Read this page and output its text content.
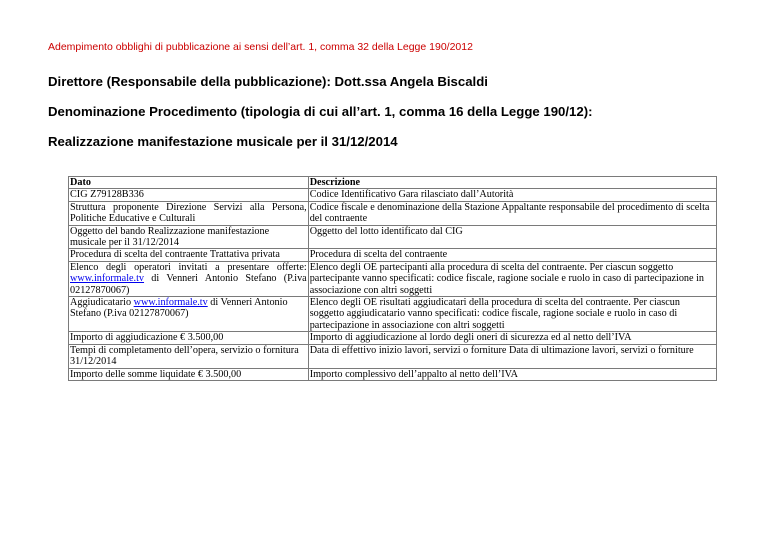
Adempimento obblighi di pubblicazione ai sensi dell’art. 1, comma 32 della Legge 190/2012
Direttore (Responsabile della pubblicazione): Dott.ssa Angela Biscaldi
Denominazione Procedimento (tipologia di cui all’art. 1, comma 16 della Legge 190/12):
Realizzazione manifestazione musicale per il 31/12/2014
Dato	Descrizione
CIG Z79128B336	Codice Identificativo Gara rilasciato dall’Autorità
Struttura proponente Direzione Servizi alla Persona, Politiche Educative e Culturali	Codice fiscale e denominazione della Stazione Appaltante responsabile del procedimento di scelta del contraente
Oggetto del bando Realizzazione manifestazione musicale per il 31/12/2014	Oggetto del lotto identificato dal CIG
Procedura di scelta del contraente Trattativa privata	Procedura di scelta del contraente
Elenco degli operatori invitati a presentare offerte: www.informale.tv di Venneri Antonio Stefano (P.iva 02127870067)	Elenco degli OE partecipanti alla procedura di scelta del contraente. Per ciascun soggetto partecipante vanno specificati: codice fiscale, ragione sociale e ruolo in caso di partecipazione in associazione con altri soggetti
Aggiudicatario www.informale.tv di Venneri Antonio Stefano (P.iva 02127870067)	Elenco degli OE risultati aggiudicatari della procedura di scelta del contraente. Per ciascun soggetto aggiudicatario vanno specificati: codice fiscale, ragione sociale e ruolo in caso di partecipazione in associazione con altri soggetti
Importo di aggiudicazione € 3.500,00	Importo di aggiudicazione al lordo degli oneri di sicurezza ed al netto dell’IVA
Tempi di completamento dell’opera, servizio o fornitura 31/12/2014	Data di effettivo inizio lavori, servizi o forniture Data di ultimazione lavori, servizi o forniture
Importo delle somme liquidate € 3.500,00	Importo complessivo dell’appalto al netto dell’IVA
